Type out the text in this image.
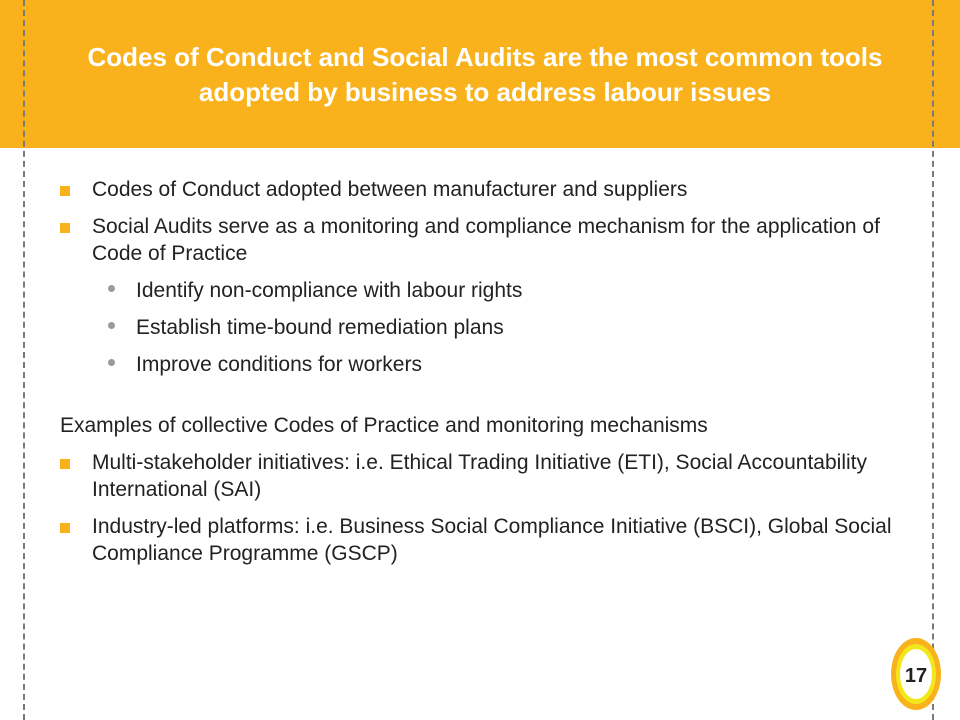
Codes of Conduct and Social Audits are the most common tools adopted by business to address labour issues
Codes of Conduct adopted between manufacturer and suppliers
Social Audits serve as a monitoring and compliance mechanism for the application of Code of Practice
Identify non-compliance with labour rights
Establish time-bound remediation plans
Improve conditions for workers

Examples of collective Codes of Practice and monitoring mechanisms

Multi-stakeholder initiatives: i.e. Ethical Trading Initiative (ETI), Social Accountability International (SAI)
Industry-led platforms: i.e. Business Social Compliance Initiative (BSCI), Global Social Compliance Programme (GSCP)
17
